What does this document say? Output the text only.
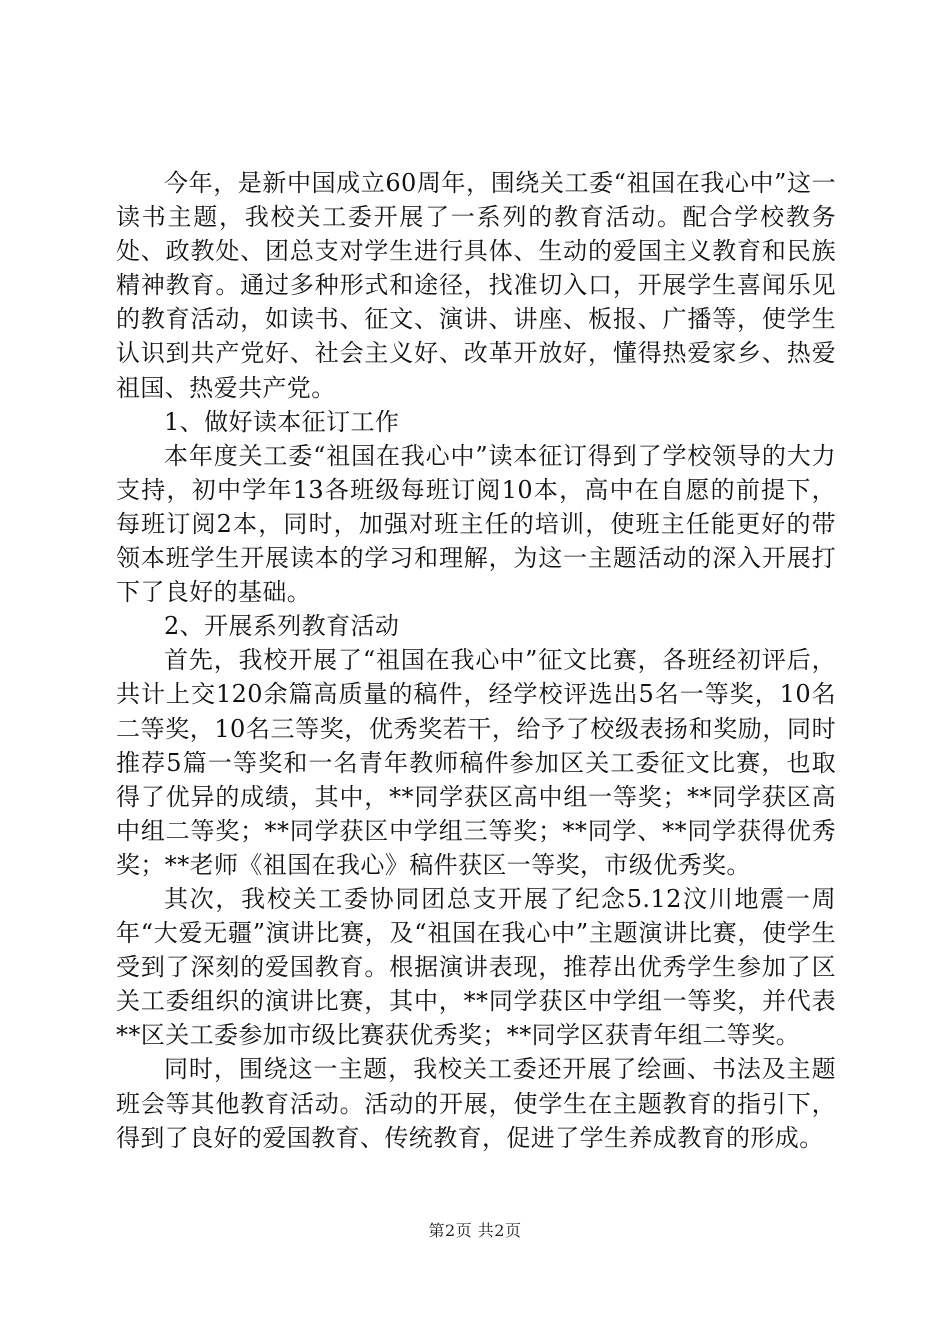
今年，是新中国成立60周年，围绕关工委“祖国在我心中”这一读书主题，我校关工委开展了一系列的教育活动。配合学校教务处、政教处、团总支对学生进行具体、生动的爱国主义教育和民族精神教育。通过多种形式和途径，找准切入口，开展学生喜闻乐见的教育活动，如读书、征文、演讲、讲座、板报、广播等，使学生认识到共产党好、社会主义好、改革开放好，懂得热爱家乡、热爱祖国、热爱共产党。

1、做好读本征订工作

本年度关工委“祖国在我心中”读本征订得到了学校领导的大力支持，初中学年13各班级每班订阅10本，高中在自愿的前提下，每班订阅2本，同时，加强对班主任的培训，使班主任能更好的带领本班学生开展读本的学习和理解，为这一主题活动的深入开展打下了良好的基础。

2、开展系列教育活动

首先，我校开展了“祖国在我心中”征文比赛，各班经初评后，共计上交120余篇高质量的稿件，经学校评选出5名一等奖，10名二等奖，10名三等奖，优秀奖若干，给予了校级表扬和奖励，同时推荐5篇一等奖和一名青年教师稿件参加区关工委征文比赛，也取得了优异的成绩，其中，**同学获区高中组一等奖；**同学获区高中组二等奖；**同学获区中学组三等奖；**同学、**同学获得优秀奖；**老师《祖国在我心》稿件获区一等奖，市级优秀奖。

其次，我校关工委协同团总支开展了纪念5.12汶川地震一周年“大爱无疆”演讲比赛，及“祖国在我心中”主题演讲比赛，使学生受到了深刻的爱国教育。根据演讲表现，推荐出优秀学生参加了区关工委组织的演讲比赛，其中，**同学获区中学组一等奖，并代表**区关工委参加市级比赛获优秀奖；**同学区获青年组二等奖。

同时，围绕这一主题，我校关工委还开展了绘画、书法及主题班会等其他教育活动。活动的开展，使学生在主题教育的指引下，得到了良好的爱国教育、传统教育，促进了学生养成教育的形成。

第2页 共2页
